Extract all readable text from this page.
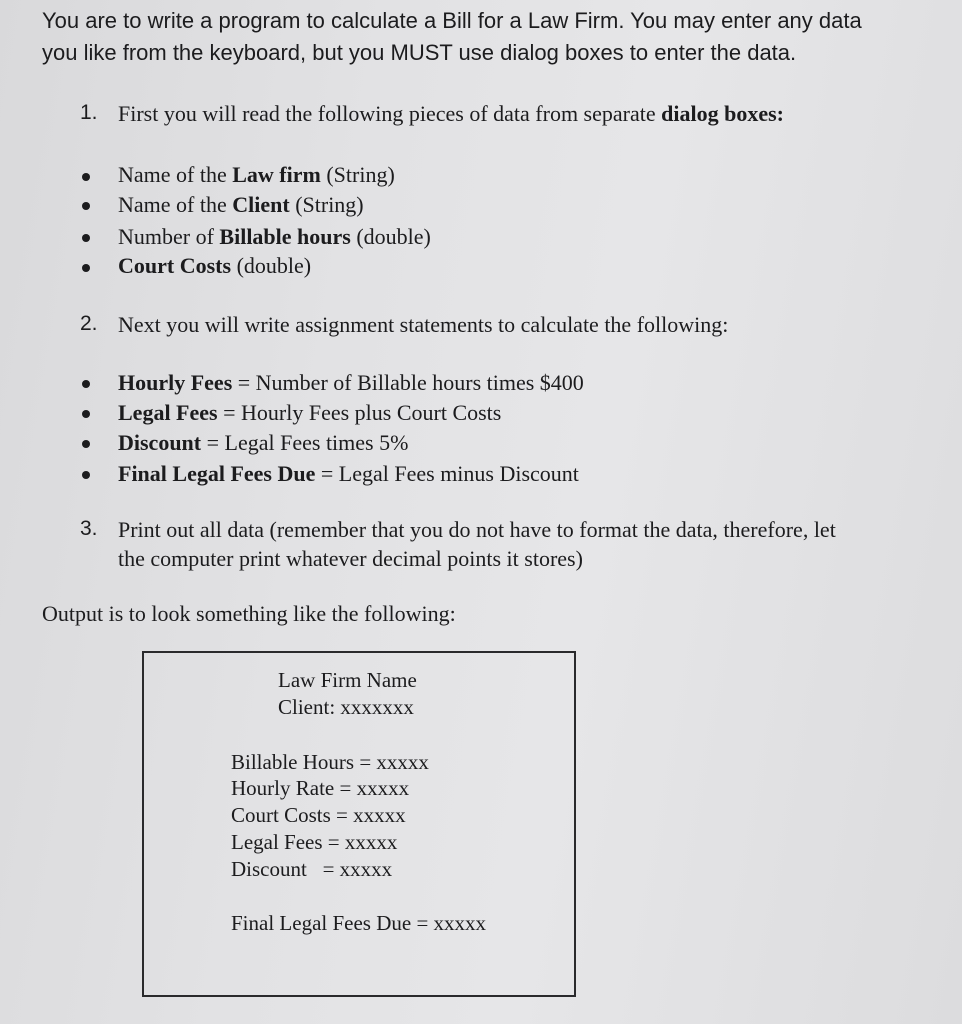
You are to write a program to calculate a Bill for a Law Firm. You may enter any data
you like from the keyboard, but you MUST use dialog boxes to enter the data.
1. First you will read the following pieces of data from separate dialog boxes:
Name of the Law firm (String)
Name of the Client (String)
Number of Billable hours (double)
Court Costs (double)
2. Next you will write assignment statements to calculate the following:
Hourly Fees = Number of Billable hours times $400
Legal Fees = Hourly Fees plus Court Costs
Discount = Legal Fees times 5%
Final Legal Fees Due = Legal Fees minus Discount
3. Print out all data (remember that you do not have to format the data, therefore, let
the computer print whatever decimal points it stores)
Output is to look something like the following:
Law Firm Name
Client: xxxxxxx
Billable Hours = xxxxx
Hourly Rate = xxxxx
Court Costs = xxxxx
Legal Fees = xxxxx
Discount   = xxxxx
Final Legal Fees Due = xxxxx
